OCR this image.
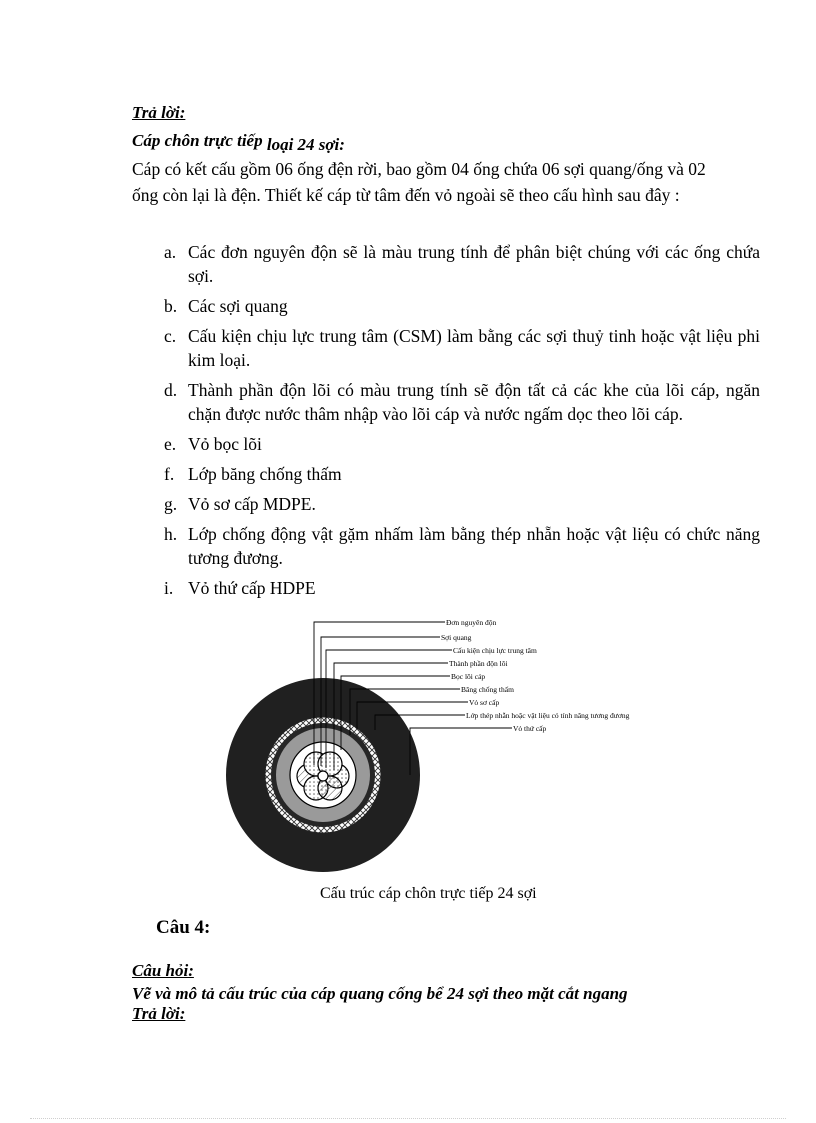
Trả lời:

Cáp chôn trực tiếp loại 24 sợi:

Cáp có kết cấu gồm 06 ống đện rời, bao gồm 04 ống chứa 06 sợi quang/ống và 02

ống còn lại là đện. Thiết kế cáp từ tâm đến vỏ ngoài sẽ theo cấu hình sau đây :

a. Các đơn nguyên độn sẽ là màu trung tính để phân biệt chúng với các ống chứa sợi.
b. Các sợi quang
c. Cấu kiện chịu lực trung tâm (CSM) làm bằng các sợi thuỷ tinh hoặc vật liệu phi kim loại.
d. Thành phần độn lõi có màu trung tính sẽ độn tất cả các khe của lõi cáp, ngăn chặn được nước thâm nhập vào lõi cáp và nước ngấm dọc theo lõi cáp.
e. Vỏ bọc lõi
f. Lớp băng chống thấm
g. Vỏ sơ cấp MDPE.
h. Lớp chống động vật gặm nhấm làm bằng thép nhẵn hoặc vật liệu có chức năng tương đương.
i. Vỏ thứ cấp HDPE
Đơn nguyên độn
Sợi quang
Cấu kiện chịu lực trung tâm
Thành phần độn lõi
Bọc lõi cáp
Băng chống thấm
Vỏ sơ cấp
Lớp thép nhẵn hoặc vật liệu có tính năng tương đương
Vỏ thứ cấp

Cấu trúc cáp chôn trực tiếp 24 sợi

Câu 4:

Câu hỏi:

Vẽ và mô tả cấu trúc của cáp quang cống bể 24 sợi theo mặt cắt ngang

Trả lời:
